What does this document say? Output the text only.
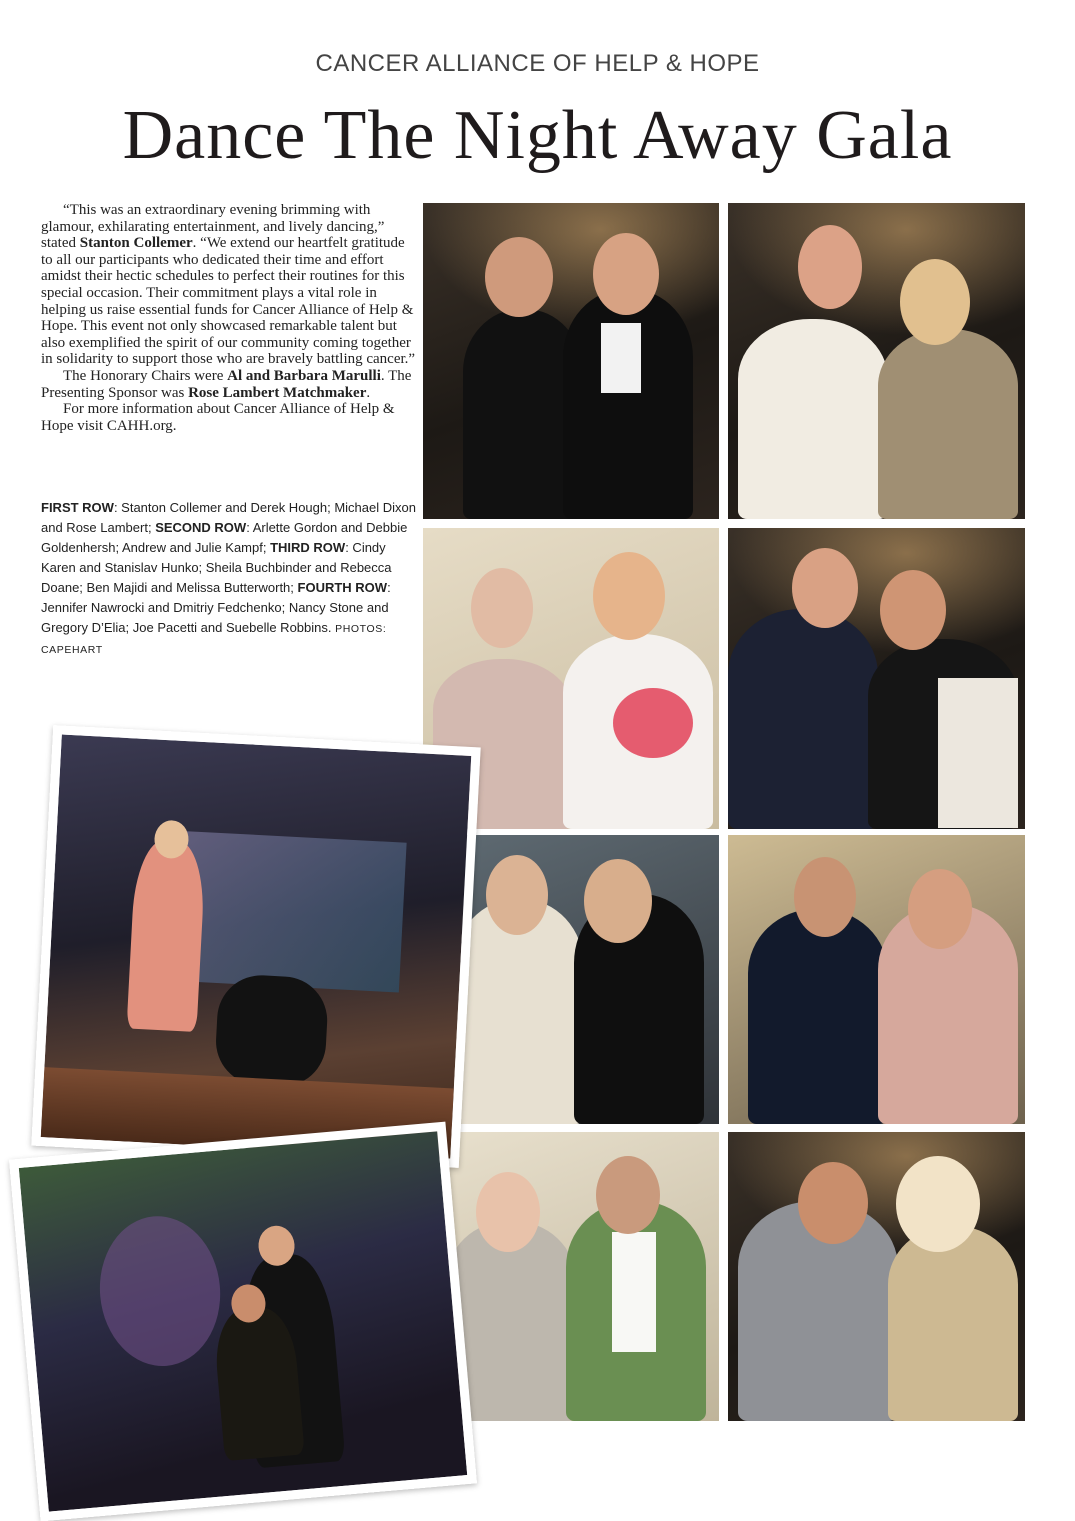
CANCER ALLIANCE OF HELP & HOPE
Dance The Night Away Gala

“This was an extraordinary evening brimming with glamour, exhilarating entertainment, and lively dancing,” stated Stanton Collemer. “We extend our heartfelt gratitude to all our participants who dedicated their time and effort amidst their hectic schedules to perfect their routines for this special occasion. Their commitment plays a vital role in helping us raise essential funds for Cancer Alliance of Help & Hope. This event not only showcased remarkable talent but also exemplified the spirit of our community coming together in solidarity to support those who are bravely battling cancer.”

The Honorary Chairs were Al and Barbara Marulli. The Presenting Sponsor was Rose Lambert Matchmaker.

For more information about Cancer Alliance of Help & Hope visit CAHH.org.

FIRST ROW: Stanton Collemer and Derek Hough; Michael Dixon and Rose Lambert; SECOND ROW: Arlette Gordon and Debbie Goldenhersh; Andrew and Julie Kampf; THIRD ROW: Cindy Karen and Stanislav Hunko; Sheila Buchbinder and Rebecca Doane; Ben Majidi and Melissa Butterworth; FOURTH ROW: Jennifer Nawrocki and Dmitriy Fedchenko; Nancy Stone and Gregory D’Elia; Joe Pacetti and Suebelle Robbins. PHOTOS: CAPEHART
